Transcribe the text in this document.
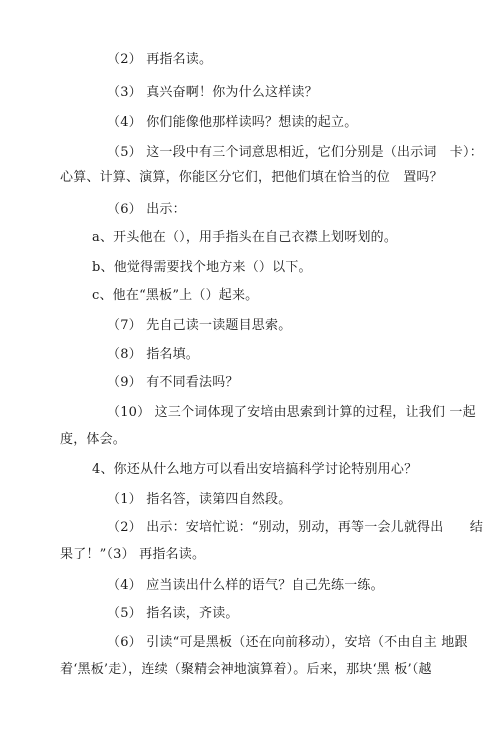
（2） 再指名读。
（3） 真兴奋啊！你为什么这样读？
（4） 你们能像他那样读吗？想读的起立。
（5） 这一段中有三个词意思相近，它们分别是（出示词　卡）：
心算、计算、演算，你能区分它们，把他们填在恰当的位　置吗？
（6） 出示：
a、开头他在（），用手指头在自己衣襟上划呀划的。
b、他觉得需要找个地方来（）以下。
c、他在“黑板”上（）起来。
（7） 先自己读一读题目思索。
（8） 指名填。
（9） 有不同看法吗？
（10） 这三个词体现了安培由思索到计算的过程，让我们 一起
度，体会。
4、你还从什么地方可以看出安培搞科学讨论特别用心？
（1） 指名答，读第四自然段。
（2） 出示：安培忙说：“别动，别动，再等一会儿就得出　　结
果了！”（3） 再指名读。
（4） 应当读出什么样的语气？自己先练一练。
（5） 指名读，齐读。
（6） 引读“可是黑板（还在向前移动），安培（不由自主 地跟
着‘黑板’走），连续（聚精会神地演算着）。后来，那块‘黑 板’（越
